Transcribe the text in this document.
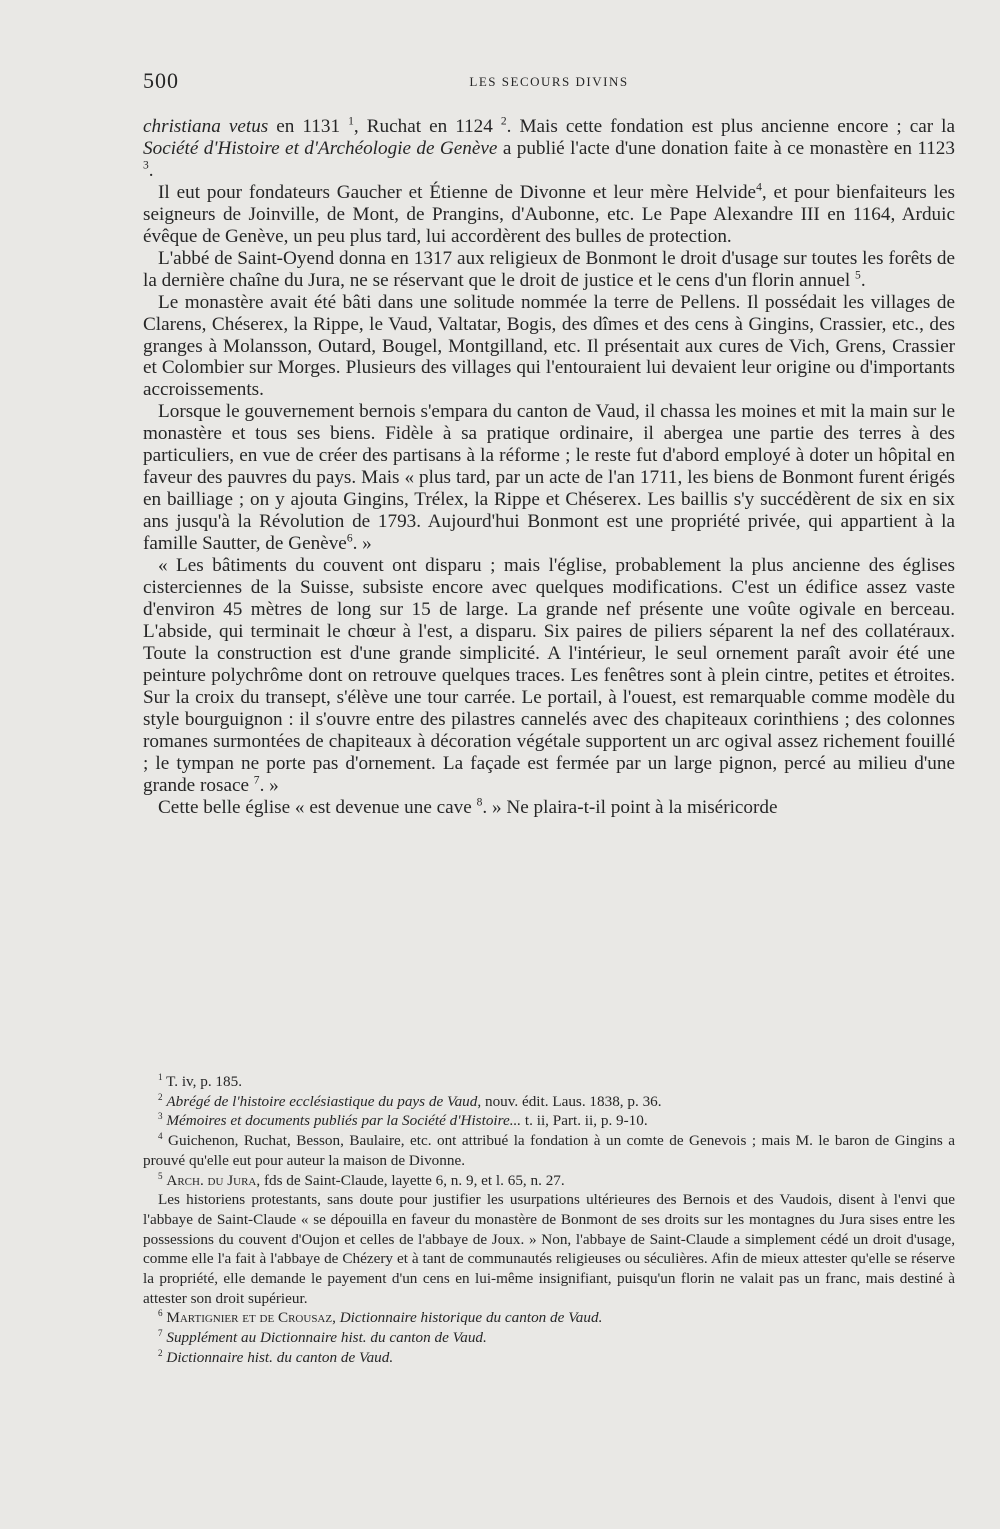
500	LES SECOURS DIVINS

christiana vetus en 1131 $^1$, Ruchat en 1124 $^2$. Mais cette fondation est plus ancienne encore ; car la Société d'Histoire et d'Archéologie de Genève a publié l'acte d'une donation faite à ce monastère en 1123 $^3$.

Il eut pour fondateurs Gaucher et Étienne de Divonne et leur mère Helvide$^4$, et pour bienfaiteurs les seigneurs de Joinville, de Mont, de Prangins, d'Aubonne, etc. Le Pape Alexandre III en 1164, Arduic évêque de Genève, un peu plus tard, lui accordèrent des bulles de protection.

L'abbé de Saint-Oyend donna en 1317 aux religieux de Bonmont le droit d'usage sur toutes les forêts de la dernière chaîne du Jura, ne se réservant que le droit de justice et le cens d'un florin annuel $^5$.

Le monastère avait été bâti dans une solitude nommée la terre de Pellens. Il possédait les villages de Clarens, Chéserex, la Rippe, le Vaud, Valtatar, Bogis, des dîmes et des cens à Gingins, Crassier, etc., des granges à Molansson, Outard, Bougel, Montgilland, etc. Il présentait aux cures de Vich, Grens, Crassier et Colombier sur Morges. Plusieurs des villages qui l'entouraient lui devaient leur origine ou d'importants accroissements.

Lorsque le gouvernement bernois s'empara du canton de Vaud, il chassa les moines et mit la main sur le monastère et tous ses biens. Fidèle à sa pratique ordinaire, il abergea une partie des terres à des particuliers, en vue de créer des partisans à la réforme ; le reste fut d'abord employé à doter un hôpital en faveur des pauvres du pays. Mais « plus tard, par un acte de l'an 1711, les biens de Bonmont furent érigés en bailliage ; on y ajouta Gingins, Trélex, la Rippe et Chéserex. Les baillis s'y succédèrent de six en six ans jusqu'à la Révolution de 1793. Aujourd'hui Bonmont est une propriété privée, qui appartient à la famille Sautter, de Genève$^6$. »

« Les bâtiments du couvent ont disparu ; mais l'église, probablement la plus ancienne des églises cisterciennes de la Suisse, subsiste encore avec quelques modifications. C'est un édifice assez vaste d'environ 45 mètres de long sur 15 de large. La grande nef présente une voûte ogivale en berceau. L'abside, qui terminait le chœur à l'est, a disparu. Six paires de piliers séparent la nef des collatéraux. Toute la construction est d'une grande simplicité. A l'intérieur, le seul ornement paraît avoir été une peinture polychrôme dont on retrouve quelques traces. Les fenêtres sont à plein cintre, petites et étroites. Sur la croix du transept, s'élève une tour carrée. Le portail, à l'ouest, est remarquable comme modèle du style bourguignon : il s'ouvre entre des pilastres cannelés avec des chapiteaux corinthiens ; des colonnes romanes surmontées de chapiteaux à décoration végétale supportent un arc ogival assez richement fouillé ; le tympan ne porte pas d'ornement. La façade est fermée par un large pignon, percé au milieu d'une grande rosace $^7$. »

Cette belle église « est devenue une cave $^8$. » Ne plaira-t-il point à la miséricorde

$^1$ T. iv, p. 185.

$^2$ Abrégé de l'histoire ecclésiastique du pays de Vaud, nouv. édit. Laus. 1838, p. 36.

$^3$ Mémoires et documents publiés par la Société d'Histoire... t. ii, Part. ii, p. 9-10.

$^4$ Guichenon, Ruchat, Besson, Baulaire, etc. ont attribué la fondation à un comte de Genevois ; mais M. le baron de Gingins a prouvé qu'elle eut pour auteur la maison de Divonne.

$^5$ Arch. du Jura, fds de Saint-Claude, layette 6, n. 9, et l. 65, n. 27.

Les historiens protestants, sans doute pour justifier les usurpations ultérieures des Bernois et des Vaudois, disent à l'envi que l'abbaye de Saint-Claude « se dépouilla en faveur du monastère de Bonmont de ses droits sur les montagnes du Jura sises entre les possessions du couvent d'Oujon et celles de l'abbaye de Joux. » Non, l'abbaye de Saint-Claude a simplement cédé un droit d'usage, comme elle l'a fait à l'abbaye de Chézery et à tant de communautés religieuses ou séculières. Afin de mieux attester qu'elle se réserve la propriété, elle demande le payement d'un cens en lui-même insignifiant, puisqu'un florin ne valait pas un franc, mais destiné à attester son droit supérieur.

$^6$ Martignier et de Crousaz, Dictionnaire historique du canton de Vaud.

$^7$ Supplément au Dictionnaire hist. du canton de Vaud.

$^2$ Dictionnaire hist. du canton de Vaud.
